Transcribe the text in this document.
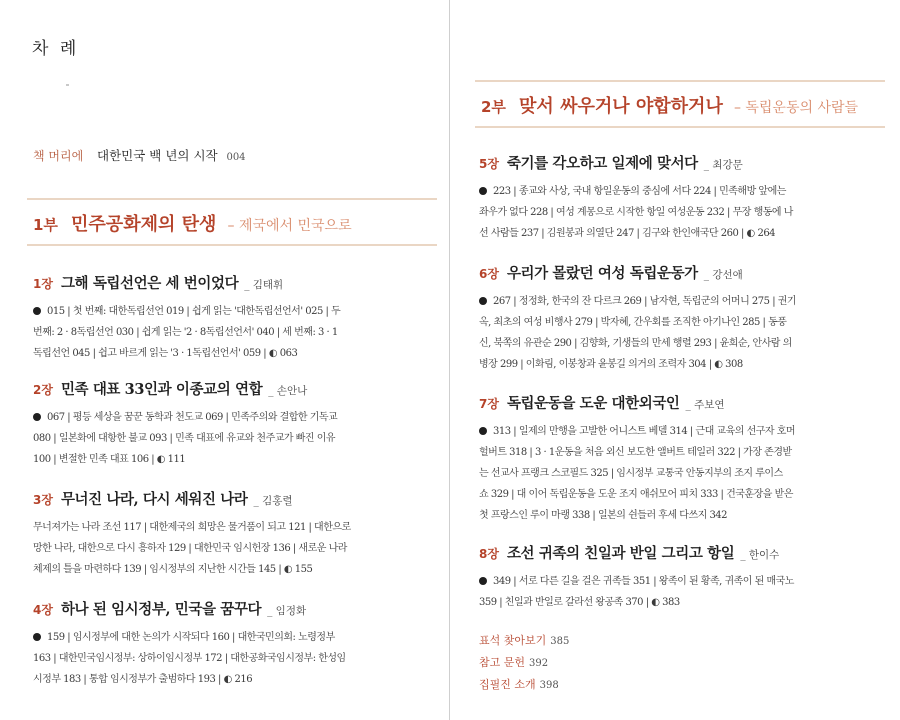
차 례
책 머리에 대한민국 백 년의 시작 004
1부 민주공화제의 탄생 – 제국에서 민국으로
1장 그해 독립선언은 세 번이었다 _ 김태휘
015 | 첫 번째: 대한독립선언 019 | 쉽게 읽는 '대한독립선언서' 025 | 두
번째: 2 · 8독립선언 030 | 쉽게 읽는 '2 · 8독립선언서' 040 | 세 번째: 3 · 1
독립선언 045 | 쉽고 바르게 읽는 '3 · 1독립선언서' 059 | ◐ 063
2장 민족 대표 33인과 이종교의 연합 _ 손안나
067 | 평등 세상을 꿈꾼 동학과 천도교 069 | 민족주의와 결합한 기독교
080 | 일본화에 대항한 불교 093 | 민족 대표에 유교와 천주교가 빠진 이유
100 | 변절한 민족 대표 106 | ◐ 111
3장 무너진 나라, 다시 세워진 나라 _ 김홍렬
무너져가는 나라 조선 117 | 대한제국의 희망은 물거품이 되고 121 | 대한으로
망한 나라, 대한으로 다시 흥하자 129 | 대한민국 임시헌장 136 | 새로운 나라
체제의 틀을 마련하다 139 | 임시정부의 지난한 시간들 145 | ◐ 155
4장 하나 된 임시정부, 민국을 꿈꾸다 _ 임정화
159 | 임시정부에 대한 논의가 시작되다 160 | 대한국민의회: 노령정부
163 | 대한민국임시정부: 상하이임시정부 172 | 대한공화국임시정부: 한성임
시정부 183 | 통합 임시정부가 출범하다 193 | ◐ 216
2부 맞서 싸우거나 야합하거나 – 독립운동의 사람들
5장 죽기를 각오하고 일제에 맞서다 _ 최강문
223 | 종교와 사상, 국내 항일운동의 중심에 서다 224 | 민족해방 앞에는
좌우가 없다 228 | 여성 계몽으로 시작한 항일 여성운동 232 | 무장 행동에 나
선 사람들 237 | 김원봉과 의열단 247 | 김구와 한인애국단 260 | ◐ 264
6장 우리가 몰랐던 여성 독립운동가 _ 강선애
267 | 정정화, 한국의 잔 다르크 269 | 남자현, 독립군의 어머니 275 | 권기
옥, 최초의 여성 비행사 279 | 박자혜, 간우회를 조직한 아기나인 285 | 동풍
신, 북쪽의 유관순 290 | 김향화, 기생들의 만세 행렬 293 | 윤희순, 안사람 의
병장 299 | 이화림, 이봉창과 윤봉길 의거의 조력자 304 | ◐ 308
7장 독립운동을 도운 대한외국인 _ 주보연
313 | 일제의 만행을 고발한 어니스트 베델 314 | 근대 교육의 선구자 호머
헐버트 318 | 3 · 1운동을 처음 외신 보도한 앨버트 테일러 322 | 가장 존경받
는 선교사 프랭크 스코필드 325 | 임시정부 교통국 안동지부의 조지 루이스
쇼 329 | 대 이어 독립운동을 도운 조지 애쉬모어 피치 333 | 건국훈장을 받은
첫 프랑스인 루이 마랭 338 | 일본의 쉰들러 후세 다쓰지 342
8장 조선 귀족의 친일과 반일 그리고 항일 _ 한이수
349 | 서로 다른 길을 걸은 귀족들 351 | 왕족이 된 황족, 귀족이 된 매국노
359 | 친일과 반일로 갈라선 왕공족 370 | ◐ 383
표석 찾아보기 385
참고 문헌 392
집필진 소개 398
